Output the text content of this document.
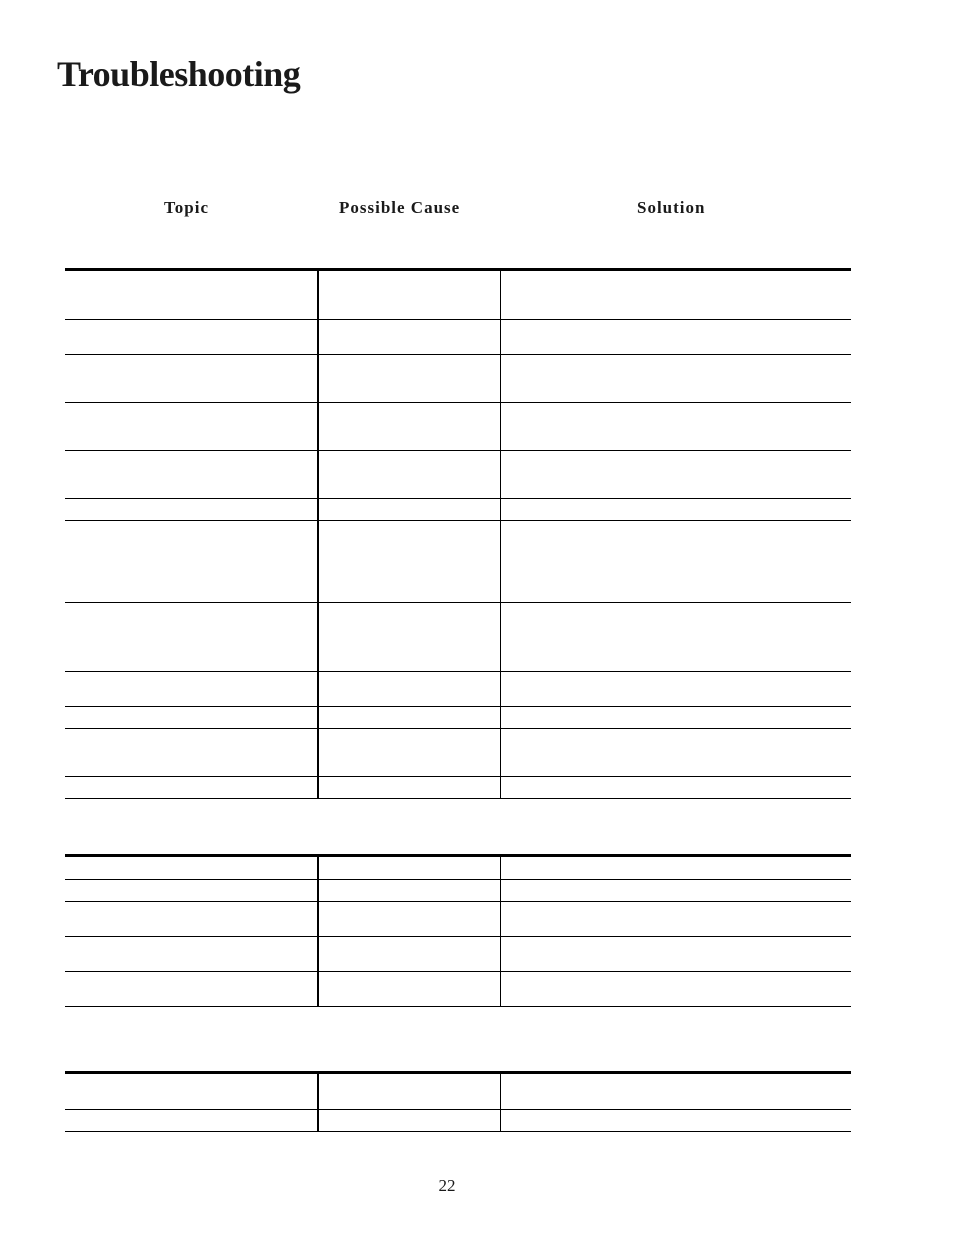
Troubleshooting
Topic	Possible Cause	Solution
22
